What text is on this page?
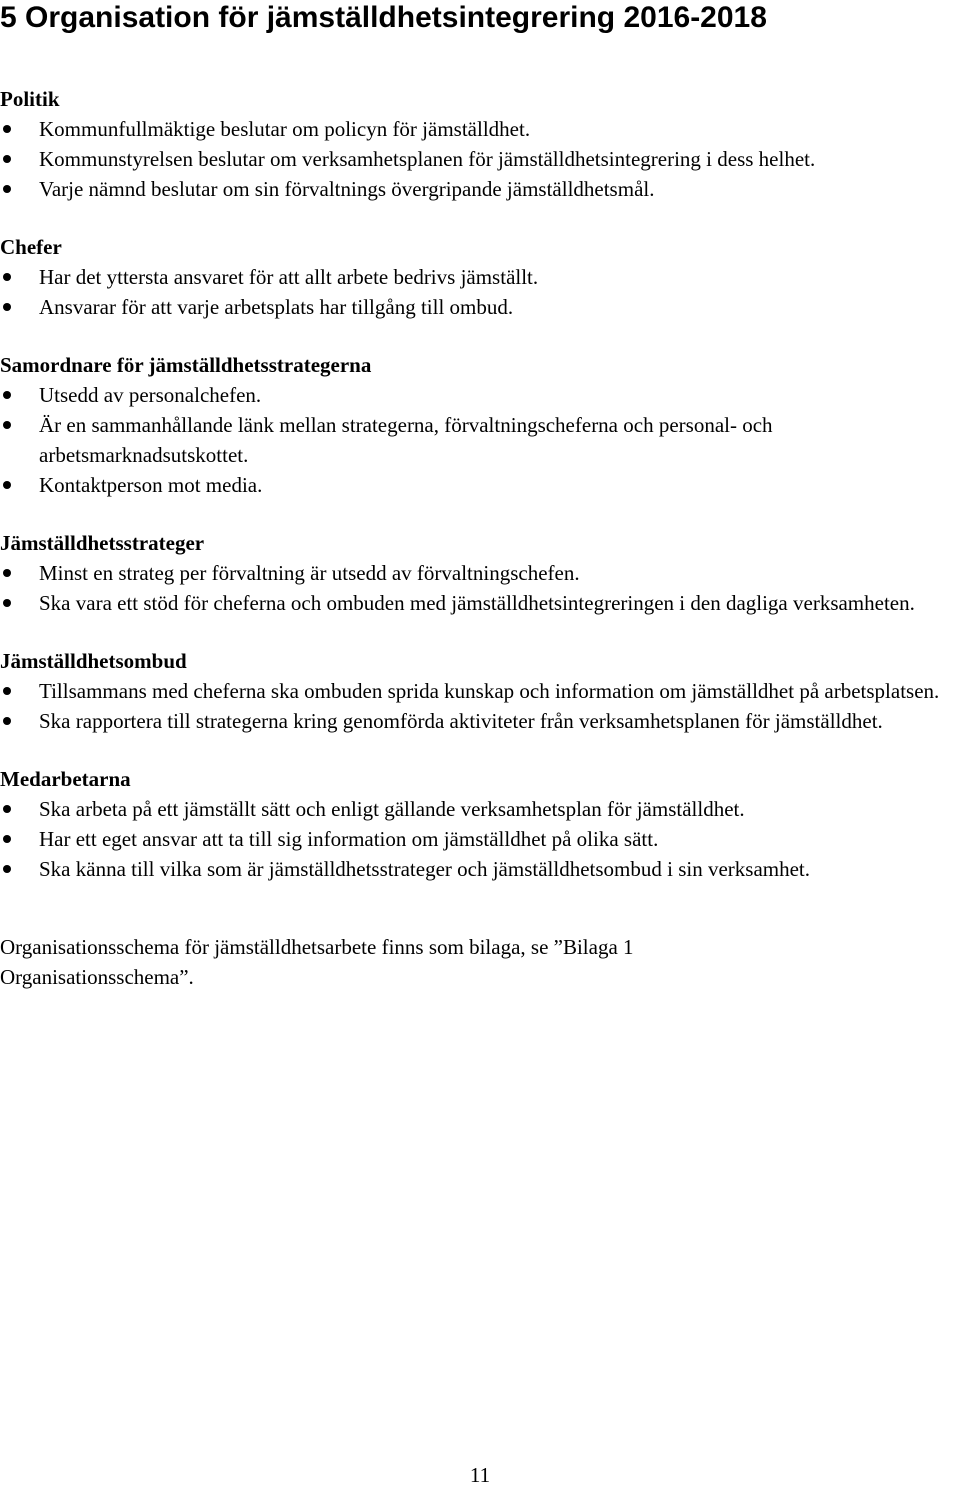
5 Organisation för jämställdhetsintegrering 2016-2018
Politik
Kommunfullmäktige beslutar om policyn för jämställdhet.
Kommunstyrelsen beslutar om verksamhetsplanen för jämställdhetsintegrering i dess helhet.
Varje nämnd beslutar om sin förvaltnings övergripande jämställdhetsmål.
Chefer
Har det yttersta ansvaret för att allt arbete bedrivs jämställt.
Ansvarar för att varje arbetsplats har tillgång till ombud.
Samordnare för jämställdhetsstrategerna
Utsedd av personalchefen.
Är en sammanhållande länk mellan strategerna, förvaltningscheferna och personal- och arbetsmarknadsutskottet.
Kontaktperson mot media.
Jämställdhetsstrateger
Minst en strateg per förvaltning är utsedd av förvaltningschefen.
Ska vara ett stöd för cheferna och ombuden med jämställdhetsintegreringen i den dagliga verksamheten.
Jämställdhetsombud
Tillsammans med cheferna ska ombuden sprida kunskap och information om jämställdhet på arbetsplatsen.
Ska rapportera till strategerna kring genomförda aktiviteter från verksamhetsplanen för jämställdhet.
Medarbetarna
Ska arbeta på ett jämställt sätt och enligt gällande verksamhetsplan för jämställdhet.
Har ett eget ansvar att ta till sig information om jämställdhet på olika sätt.
Ska känna till vilka som är jämställdhetsstrateger och jämställdhetsombud i sin verksamhet.

Organisationsschema för jämställdhetsarbete finns som bilaga, se ”Bilaga 1 Organisationsschema”.

11
